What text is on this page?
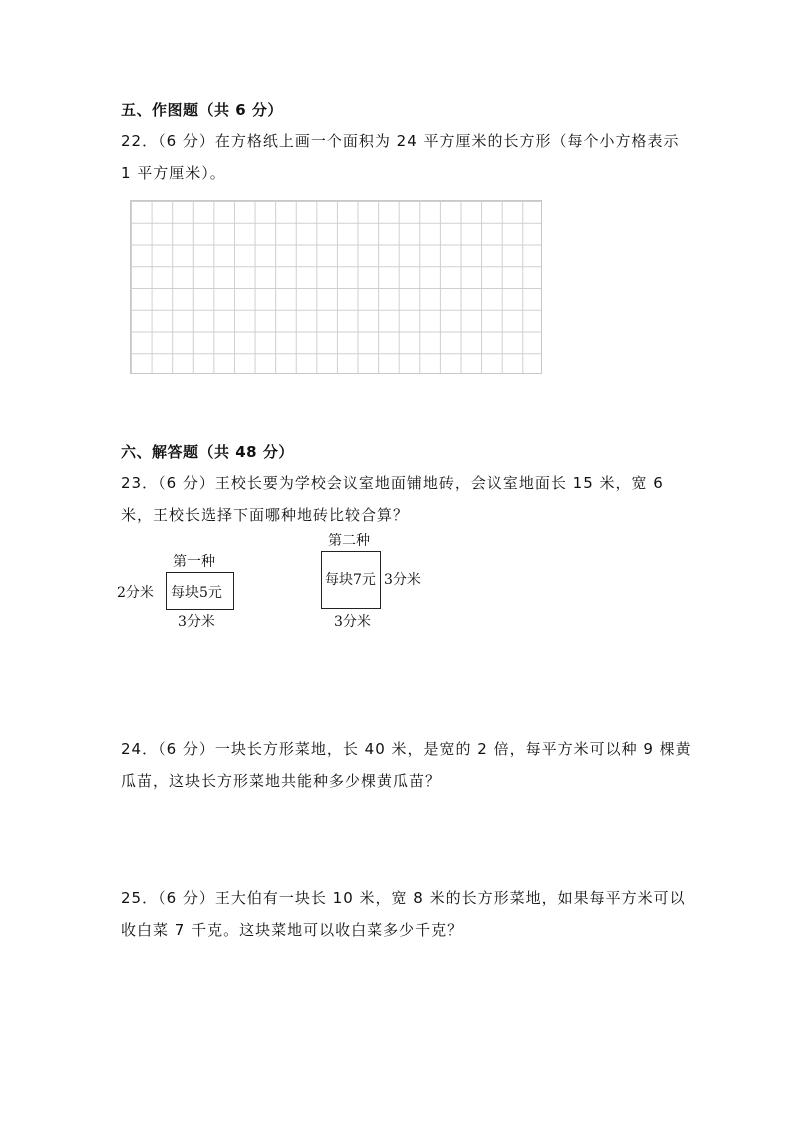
五、作图题（共 6 分）
22．（6 分）在方格纸上画一个面积为 24 平方厘米的长方形（每个小方格表示
1 平方厘米）。
六、解答题（共 48 分）
23．（6 分）王校长要为学校会议室地面铺地砖，会议室地面长 15 米，宽 6
米，王校长选择下面哪种地砖比较合算？
第一种
2分米 每块5元
3分米
第二种
每块7元 3分米
3分米
24．（6 分）一块长方形菜地，长 40 米，是宽的 2 倍，每平方米可以种 9 棵黄
瓜苗，这块长方形菜地共能种多少棵黄瓜苗？
25．（6 分）王大伯有一块长 10 米，宽 8 米的长方形菜地，如果每平方米可以
收白菜 7 千克。这块菜地可以收白菜多少千克？
